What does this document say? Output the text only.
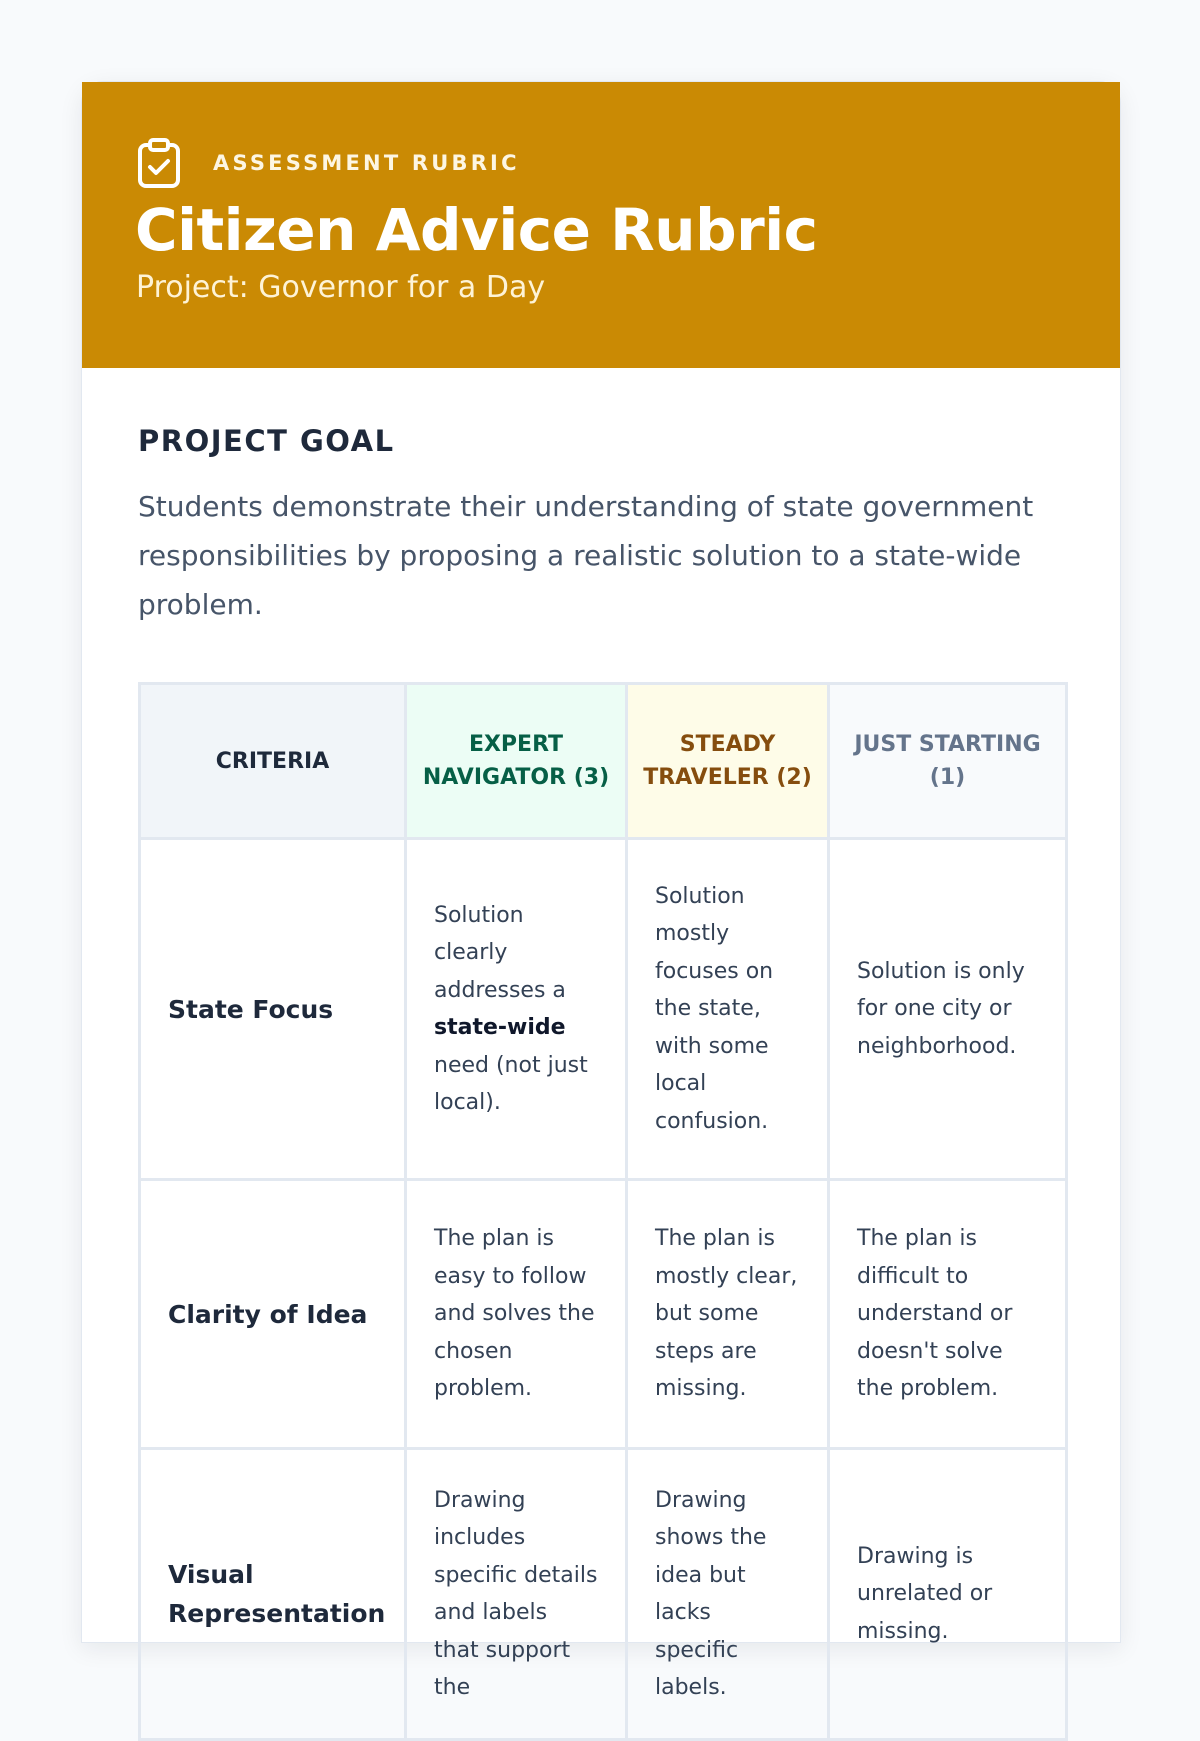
ASSESSMENT RUBRIC
Citizen Advice Rubric
Project: Governor for a Day
PROJECT GOAL

Students demonstrate their understanding of state government responsibilities by proposing a realistic solution to a state-wide problem.

CRITERIA	EXPERT NAVIGATOR (3)	STEADY TRAVELER (2)	JUST STARTING (1)
State Focus	Solution clearly addresses a state-wide need (not just local).	Solution mostly focuses on the state, with some local confusion.	Solution is only for one city or neighborhood.
Clarity of Idea	The plan is easy to follow and solves the chosen problem.	The plan is mostly clear, but some steps are missing.	The plan is difficult to understand or doesn't solve the problem.
Visual Representation	Drawing includes specific details and labels that support the	Drawing shows the idea but lacks specific labels.	Drawing is unrelated or missing.
